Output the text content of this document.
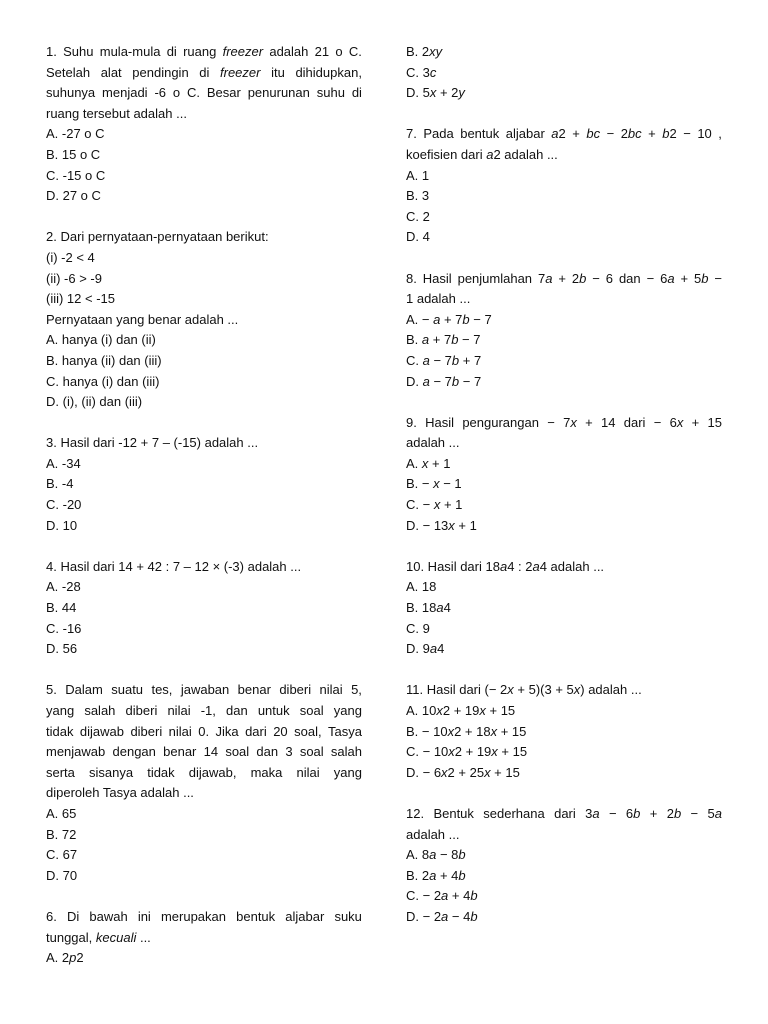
1. Suhu mula-mula di ruang freezer adalah 21 o C.
Setelah alat pendingin di freezer itu dihidupkan,
suhunya menjadi -6 o C. Besar penurunan suhu di
ruang tersebut adalah ...
A. -27 o C
B. 15 o C
C. -15 o C
D. 27 o C
2. Dari pernyataan-pernyataan berikut:
(i) -2 < 4
(ii) -6 > -9
(iii) 12 < -15
Pernyataan yang benar adalah ...
A. hanya (i) dan (ii)
B. hanya (ii) dan (iii)
C. hanya (i) dan (iii)
D. (i), (ii) dan (iii)
3. Hasil dari -12 + 7 – (-15) adalah ...
A. -34
B. -4
C. -20
D. 10
4. Hasil dari 14 + 42 : 7 – 12 × (-3) adalah ...
A. -28
B. 44
C. -16
D. 56
5. Dalam suatu tes, jawaban benar diberi nilai 5,
yang salah diberi nilai -1, dan untuk soal yang
tidak dijawab diberi nilai 0. Jika dari 20 soal, Tasya
menjawab dengan benar 14 soal dan 3 soal salah
serta sisanya tidak dijawab, maka nilai yang
diperoleh Tasya adalah ...
A. 65
B. 72
C. 67
D. 70
6. Di bawah ini merupakan bentuk aljabar suku
tunggal, kecuali ...
A. 2p2
B. 2xy
C. 3c
D. 5x + 2y
7. Pada bentuk aljabar a2 + bc − 2bc + b2 − 10 ,
koefisien dari a2 adalah ...
A. 1
B. 3
C. 2
D. 4
8. Hasil penjumlahan 7a + 2b − 6 dan − 6a + 5b −
1 adalah ...
A. − a + 7b − 7
B. a + 7b − 7
C. a − 7b + 7
D. a − 7b − 7
9. Hasil pengurangan − 7x + 14 dari − 6x + 15
adalah ...
A. x + 1
B. − x − 1
C. − x + 1
D. − 13x + 1
10. Hasil dari 18a4 : 2a4 adalah ...
A. 18
B. 18a4
C. 9
D. 9a4
11. Hasil dari (− 2x + 5)(3 + 5x) adalah ...
A. 10x2 + 19x + 15
B. − 10x2 + 18x + 15
C. − 10x2 + 19x + 15
D. − 6x2 + 25x + 15
12. Bentuk sederhana dari 3a − 6b + 2b − 5a
adalah ...
A. 8a − 8b
B. 2a + 4b
C. − 2a + 4b
D. − 2a − 4b
